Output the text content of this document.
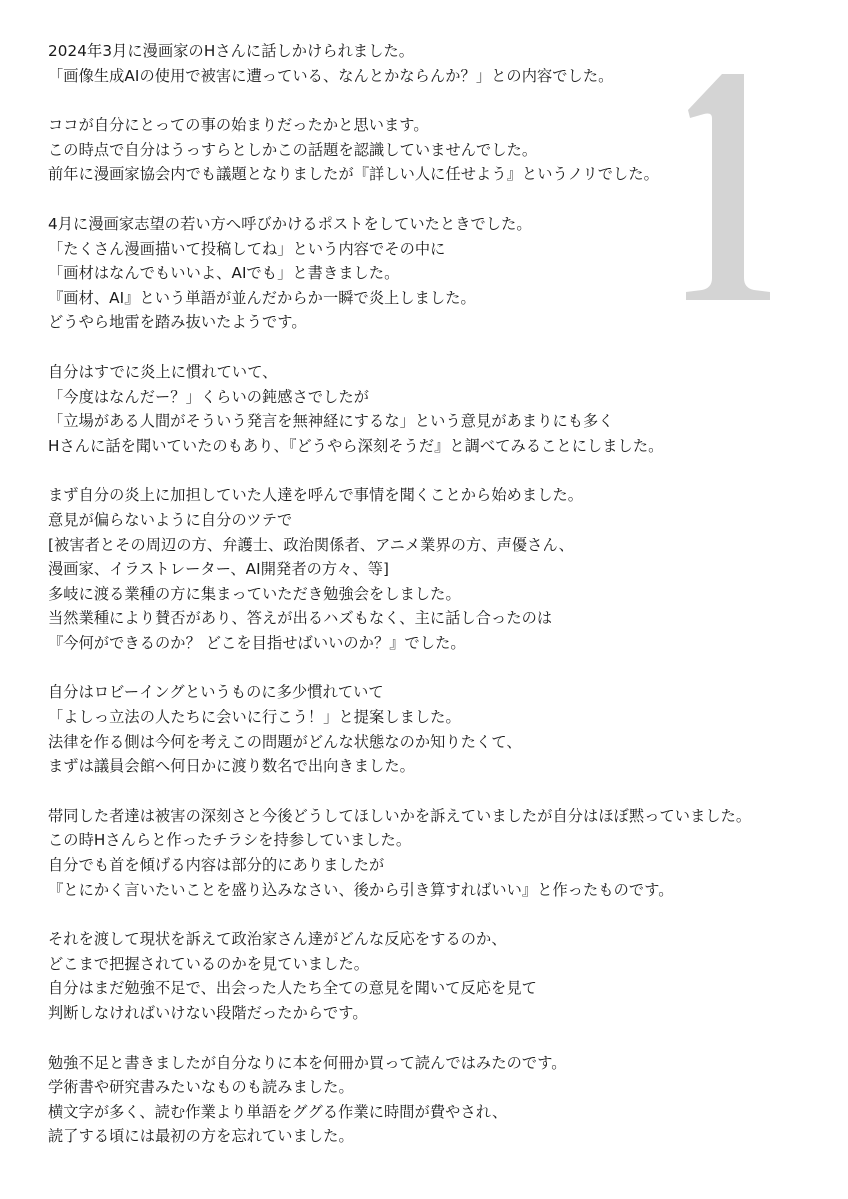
2024年3月に漫画家のHさんに話しかけられました。
「画像生成AIの使用で被害に遭っている、なんとかならんか？」との内容でした。
ココが自分にとっての事の始まりだったかと思います。
この時点で自分はうっすらとしかこの話題を認識していませんでした。
前年に漫画家協会内でも議題となりましたが『詳しい人に任せよう』というノリでした。
4月に漫画家志望の若い方へ呼びかけるポストをしていたときでした。
「たくさん漫画描いて投稿してね」という内容でその中に
「画材はなんでもいいよ、AIでも」と書きました。
『画材、AI』という単語が並んだからか一瞬で炎上しました。
どうやら地雷を踏み抜いたようです。
自分はすでに炎上に慣れていて、
「今度はなんだー？」くらいの鈍感さでしたが
「立場がある人間がそういう発言を無神経にするな」という意見があまりにも多く
Hさんに話を聞いていたのもあり、『どうやら深刻そうだ』と調べてみることにしました。
まず自分の炎上に加担していた人達を呼んで事情を聞くことから始めました。
意見が偏らないように自分のツテで
[被害者とその周辺の方、弁護士、政治関係者、アニメ業界の方、声優さん、
漫画家、イラストレーター、AI開発者の方々、等]
多岐に渡る業種の方に集まっていただき勉強会をしました。
当然業種により賛否があり、答えが出るハズもなく、主に話し合ったのは
『今何ができるのか？ どこを目指せばいいのか？』でした。
自分はロビーイングというものに多少慣れていて
「よしっ立法の人たちに会いに行こう！」と提案しました。
法律を作る側は今何を考えこの問題がどんな状態なのか知りたくて、
まずは議員会館へ何日かに渡り数名で出向きました。
帯同した者達は被害の深刻さと今後どうしてほしいかを訴えていましたが自分はほぼ黙っていました。
この時Hさんらと作ったチラシを持参していました。
自分でも首を傾げる内容は部分的にありましたが
『とにかく言いたいことを盛り込みなさい、後から引き算すればいい』と作ったものです。
それを渡して現状を訴えて政治家さん達がどんな反応をするのか、
どこまで把握されているのかを見ていました。
自分はまだ勉強不足で、出会った人たち全ての意見を聞いて反応を見て
判断しなければいけない段階だったからです。
勉強不足と書きましたが自分なりに本を何冊か買って読んではみたのです。
学術書や研究書みたいなものも読みました。
横文字が多く、読む作業より単語をググる作業に時間が費やされ、
読了する頃には最初の方を忘れていました。
